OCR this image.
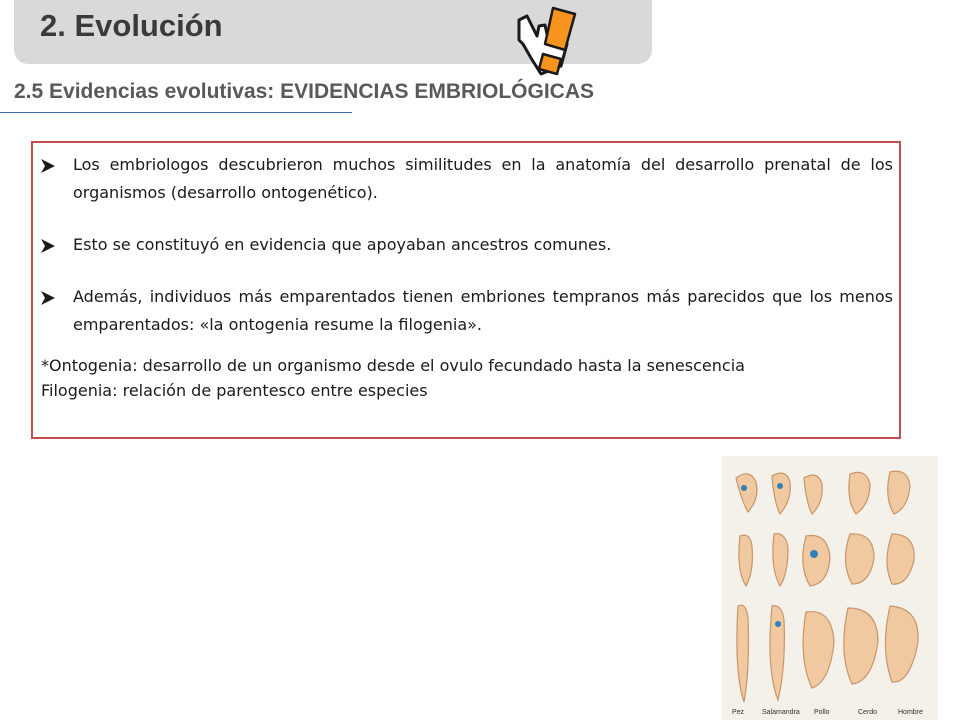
2. Evolución
2.5 Evidencias evolutivas: EVIDENCIAS EMBRIOLÓGICAS
Los embriologos descubrieron muchos similitudes en la anatomía del desarrollo prenatal de los organismos (desarrollo ontogenético).
Esto se constituyó en evidencia que apoyaban ancestros comunes.
Además, individuos más emparentados tienen embriones tempranos más parecidos que los menos emparentados: «la ontogenia resume la filogenia».
*Ontogenia: desarrollo de un organismo desde el ovulo fecundado hasta la senescencia
Filogenia: relación de parentesco entre especies
Pez	Salamandra Pollo	Cerdo	Hombre
